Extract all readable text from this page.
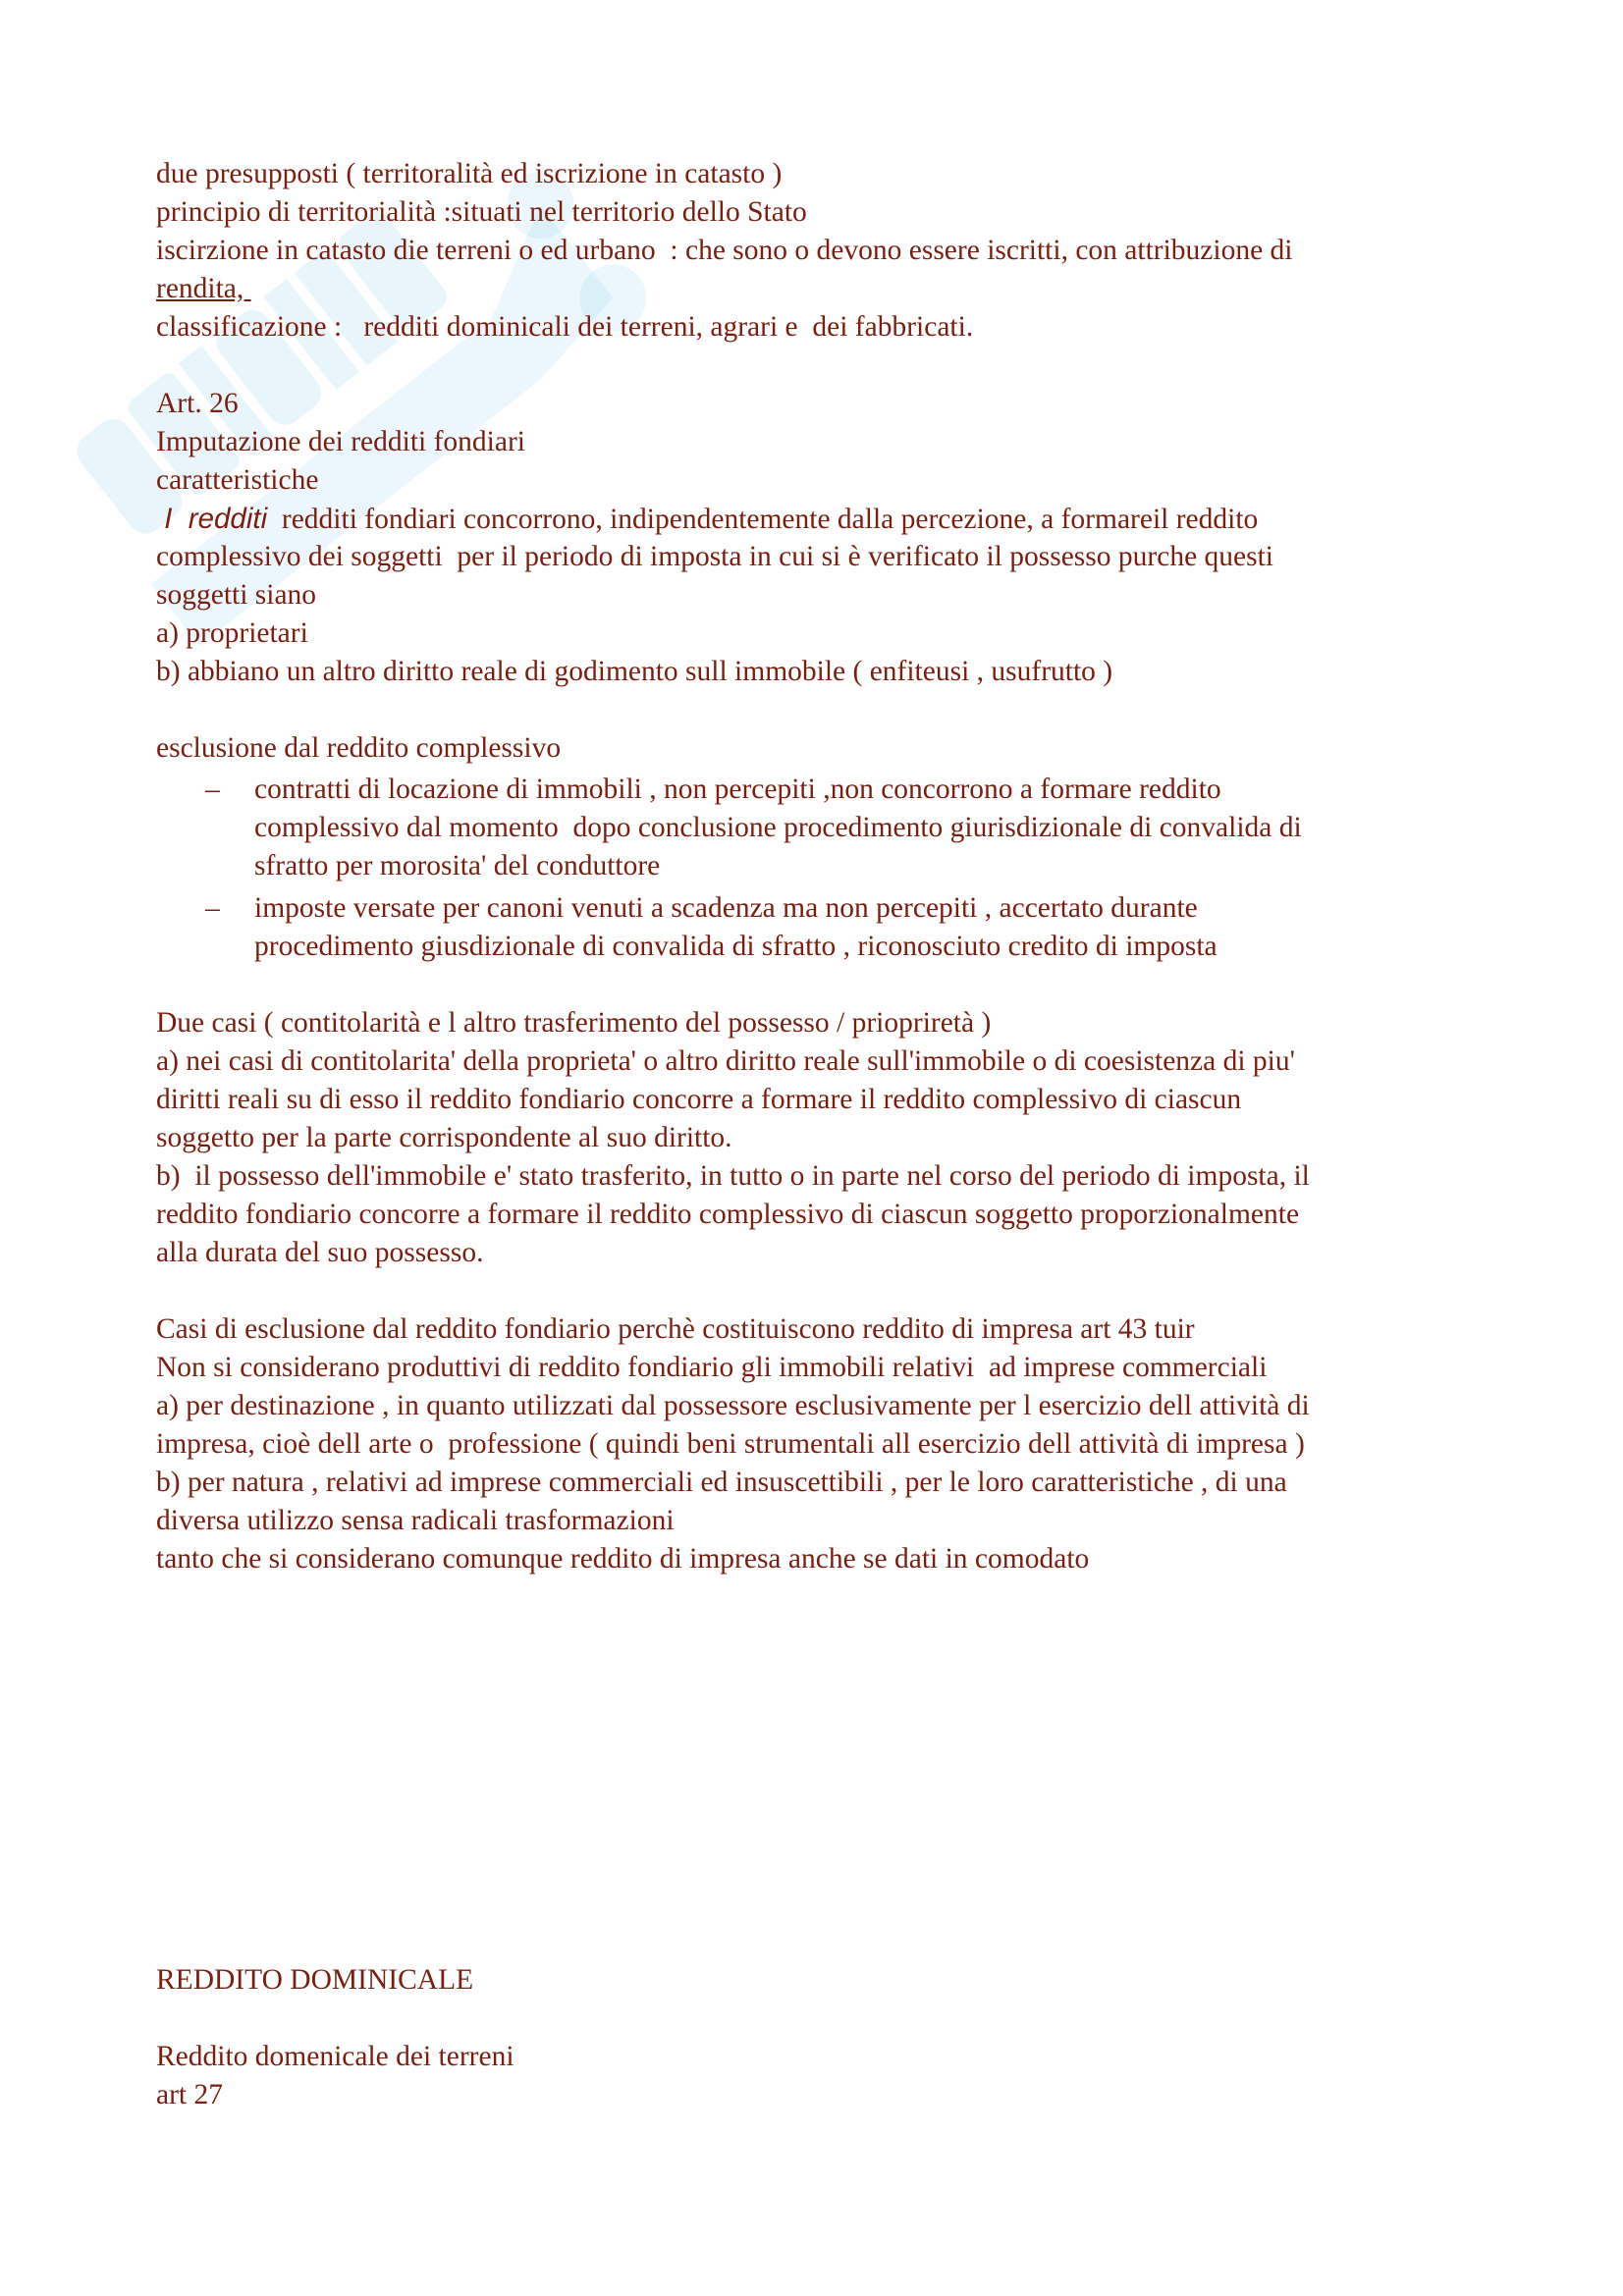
due presupposti ( territoralità ed iscrizione in catasto )
principio di territorialità :situati nel territorio dello Stato
iscirzione in catasto die terreni o ed urbano  : che sono o devono essere iscritti, con attribuzione di
rendita,
classificazione :   redditi dominicali dei terreni, agrari e  dei fabbricati.
Art. 26
Imputazione dei redditi fondiari
caratteristiche
I  redditi  redditi fondiari concorrono, indipendentemente dalla percezione, a formareil reddito
complessivo dei soggetti  per il periodo di imposta in cui si è verificato il possesso purche questi
soggetti siano
a) proprietari
b) abbiano un altro diritto reale di godimento sull immobile ( enfiteusi , usufrutto )
esclusione dal reddito complessivo
– contratti di locazione di immobili , non percepiti ,non concorrono a formare reddito
complessivo dal momento  dopo conclusione procedimento giurisdizionale di convalida di
sfratto per morosita' del conduttore
– imposte versate per canoni venuti a scadenza ma non percepiti , accertato durante
procedimento giusdizionale di convalida di sfratto , riconosciuto credito di imposta
Due casi ( contitolarità e l altro trasferimento del possesso / priopriretà )
a) nei casi di contitolarita' della proprieta' o altro diritto reale sull'immobile o di coesistenza di piu'
diritti reali su di esso il reddito fondiario concorre a formare il reddito complessivo di ciascun
soggetto per la parte corrispondente al suo diritto.
b)  il possesso dell'immobile e' stato trasferito, in tutto o in parte nel corso del periodo di imposta, il
reddito fondiario concorre a formare il reddito complessivo di ciascun soggetto proporzionalmente
alla durata del suo possesso.
Casi di esclusione dal reddito fondiario perchè costituiscono reddito di impresa art 43 tuir
Non si considerano produttivi di reddito fondiario gli immobili relativi  ad imprese commerciali
a) per destinazione , in quanto utilizzati dal possessore esclusivamente per l esercizio dell attività di
impresa, cioè dell arte o  professione ( quindi beni strumentali all esercizio dell attività di impresa )
b) per natura , relativi ad imprese commerciali ed insuscettibili , per le loro caratteristiche , di una
diversa utilizzo sensa radicali trasformazioni
tanto che si considerano comunque reddito di impresa anche se dati in comodato
REDDITO DOMINICALE
Reddito domenicale dei terreni
art 27
